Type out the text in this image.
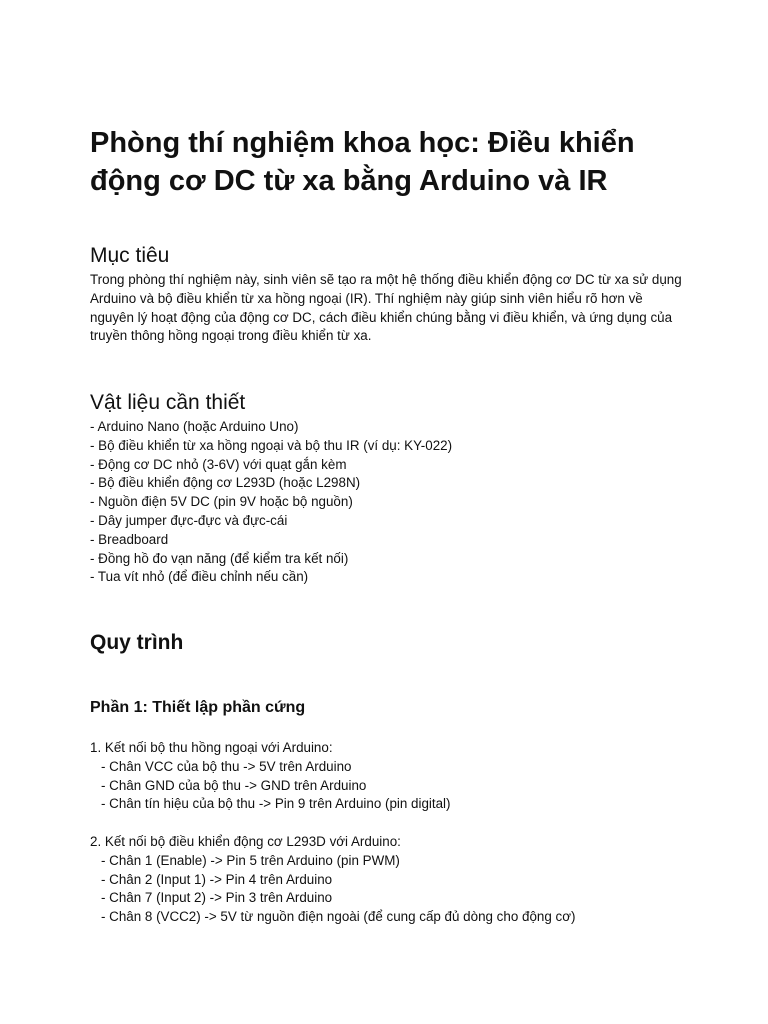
Phòng thí nghiệm khoa học: Điều khiển
động cơ DC từ xa bằng Arduino và IR
Mục tiêu

Trong phòng thí nghiệm này, sinh viên sẽ tạo ra một hệ thống điều khiển động cơ DC từ xa sử dụng Arduino và bộ điều khiển từ xa hồng ngoại (IR). Thí nghiệm này giúp sinh viên hiểu rõ hơn về nguyên lý hoạt động của động cơ DC, cách điều khiển chúng bằng vi điều khiển, và ứng dụng của truyền thông hồng ngoại trong điều khiển từ xa.

Vật liệu cần thiết
- Arduino Nano (hoặc Arduino Uno)
- Bộ điều khiển từ xa hồng ngoại và bộ thu IR (ví dụ: KY-022)
- Động cơ DC nhỏ (3-6V) với quạt gắn kèm
- Bộ điều khiển động cơ L293D (hoặc L298N)
- Nguồn điện 5V DC (pin 9V hoặc bộ nguồn)
- Dây jumper đực-đực và đực-cái
- Breadboard
- Đồng hồ đo vạn năng (để kiểm tra kết nối)
- Tua vít nhỏ (để điều chỉnh nếu cần)
Quy trình
Phần 1: Thiết lập phần cứng
1. Kết nối bộ thu hồng ngoại với Arduino:
- Chân VCC của bộ thu -> 5V trên Arduino
- Chân GND của bộ thu -> GND trên Arduino
- Chân tín hiệu của bộ thu -> Pin 9 trên Arduino (pin digital)
2. Kết nối bộ điều khiển động cơ L293D với Arduino:
- Chân 1 (Enable) -> Pin 5 trên Arduino (pin PWM)
- Chân 2 (Input 1) -> Pin 4 trên Arduino
- Chân 7 (Input 2) -> Pin 3 trên Arduino
- Chân 8 (VCC2) -> 5V từ nguồn điện ngoài (để cung cấp đủ dòng cho động cơ)
